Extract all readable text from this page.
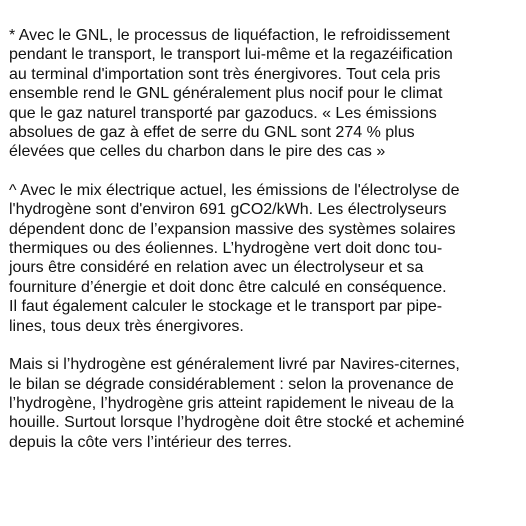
* Avec le GNL, le processus de liquéfaction, le refroidissement
pendant le transport, le transport lui-même et la regazéification
au terminal d'importation sont très énergivores. Tout cela pris
ensemble rend le GNL généralement plus nocif pour le climat
que le gaz naturel transporté par gazoducs. « Les émissions
absolues de gaz à effet de serre du GNL sont 274 % plus
élevées que celles du charbon dans le pire des cas »

^ Avec le mix électrique actuel, les émissions de l'électrolyse de
l'hydrogène sont d'environ 691 gCO2/kWh. Les électrolyseurs
dépendent donc de l’expansion massive des systèmes solaires
thermiques ou des éoliennes. L’hydrogène vert doit donc tou-
jours être considéré en relation avec un électrolyseur et sa
fourniture d’énergie et doit donc être calculé en conséquence.
Il faut également calculer le stockage et le transport par pipe-
lines, tous deux très énergivores.

Mais si l’hydrogène est généralement livré par Navires-citernes,
le bilan se dégrade considérablement : selon la provenance de
l’hydrogène, l’hydrogène gris atteint rapidement le niveau de la
houille. Surtout lorsque l’hydrogène doit être stocké et acheminé
depuis la côte vers l’intérieur des terres.
